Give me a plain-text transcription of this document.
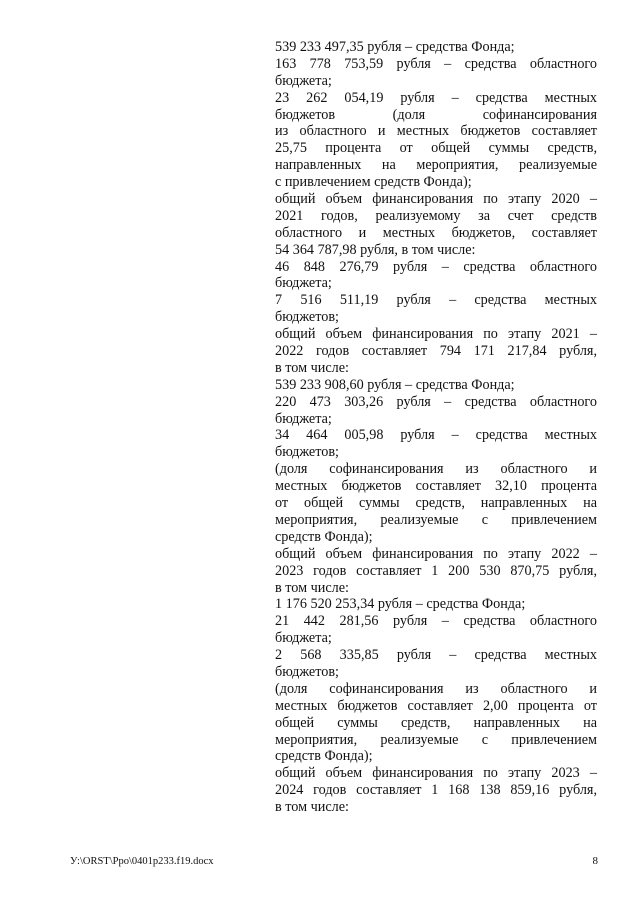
539 233 497,35 рубля – средства Фонда;
163 778 753,59 рубля – средства областного
бюджета;
23 262 054,19 рубля – средства местных
бюджетов (доля софинансирования
из областного и местных бюджетов составляет
25,75 процента от общей суммы средств,
направленных на мероприятия, реализуемые
с привлечением средств Фонда);
общий объем финансирования по этапу 2020 –
2021 годов, реализуемому за счет средств
областного и местных бюджетов, составляет
54 364 787,98 рубля, в том числе:
46 848 276,79 рубля – средства областного
бюджета;
7 516 511,19 рубля – средства местных
бюджетов;
общий объем финансирования по этапу 2021 –
2022 годов составляет 794 171 217,84 рубля,
в том числе:
539 233 908,60 рубля – средства Фонда;
220 473 303,26 рубля – средства областного
бюджета;
34 464 005,98 рубля – средства местных
бюджетов;
(доля софинансирования из областного и
местных бюджетов составляет 32,10 процента
от общей суммы средств, направленных на
мероприятия, реализуемые с привлечением
средств Фонда);
общий объем финансирования по этапу 2022 –
2023 годов составляет 1 200 530 870,75 рубля,
в том числе:
1 176 520 253,34 рубля – средства Фонда;
21 442 281,56 рубля – средства областного
бюджета;
2 568 335,85 рубля – средства местных
бюджетов;
(доля софинансирования из областного и
местных бюджетов составляет 2,00 процента от
общей суммы средств, направленных на
мероприятия, реализуемые с привлечением
средств Фонда);
общий объем финансирования по этапу 2023 –
2024 годов составляет 1 168 138 859,16 рубля,
в том числе:
У:\ORST\Ppo\0401p233.f19.docx	8
